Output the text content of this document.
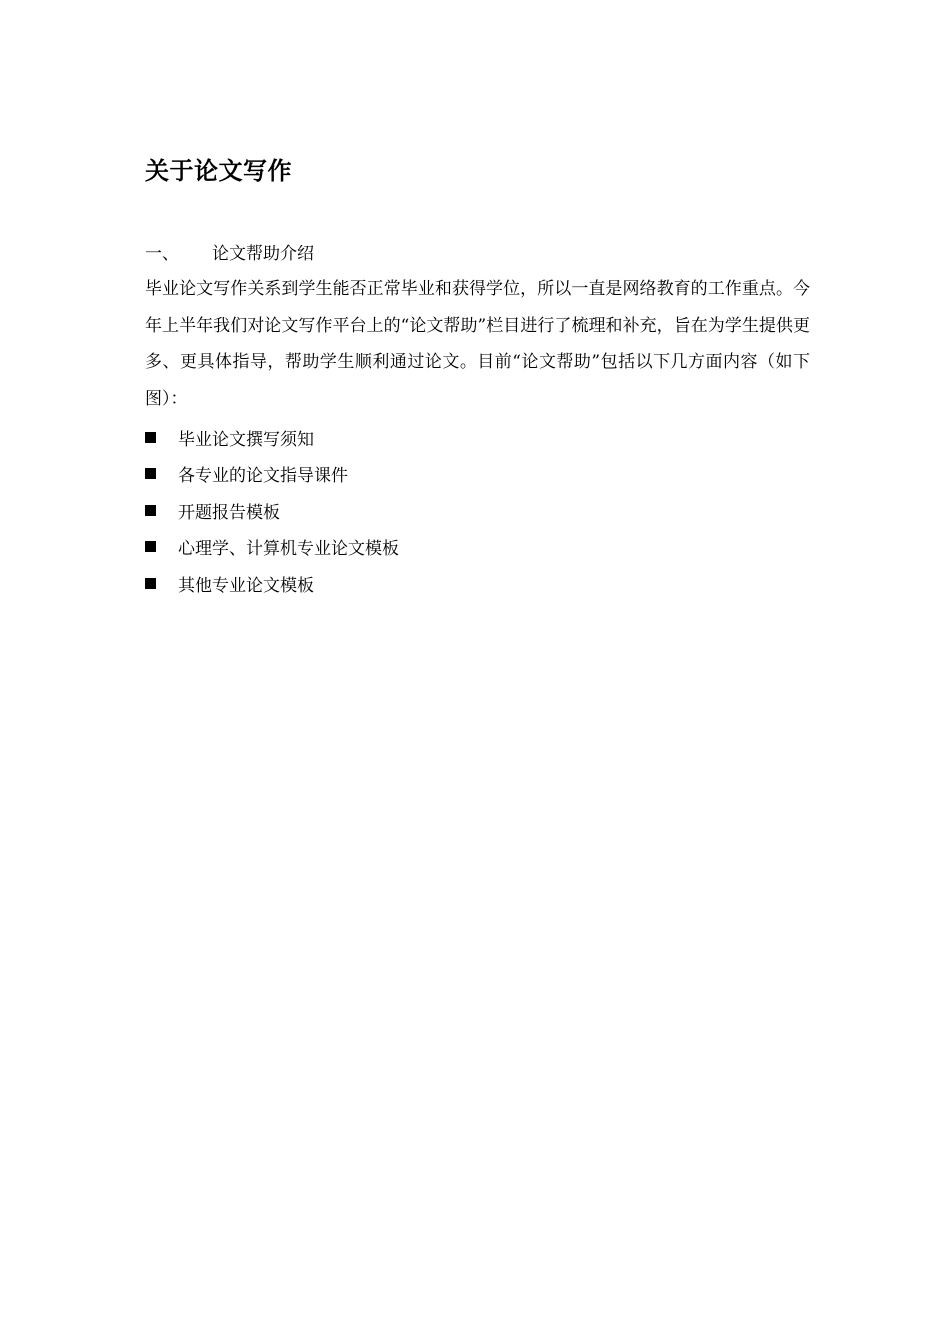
关于论文写作
一、 论文帮助介绍

毕业论文写作关系到学生能否正常毕业和获得学位，所以一直是网络教育的工作重点。今年上半年我们对论文写作平台上的“论文帮助”栏目进行了梳理和补充，旨在为学生提供更多、更具体指导，帮助学生顺利通过论文。目前“论文帮助”包括以下几方面内容（如下图）：

毕业论文撰写须知
各专业的论文指导课件
开题报告模板
心理学、计算机专业论文模板
其他专业论文模板
